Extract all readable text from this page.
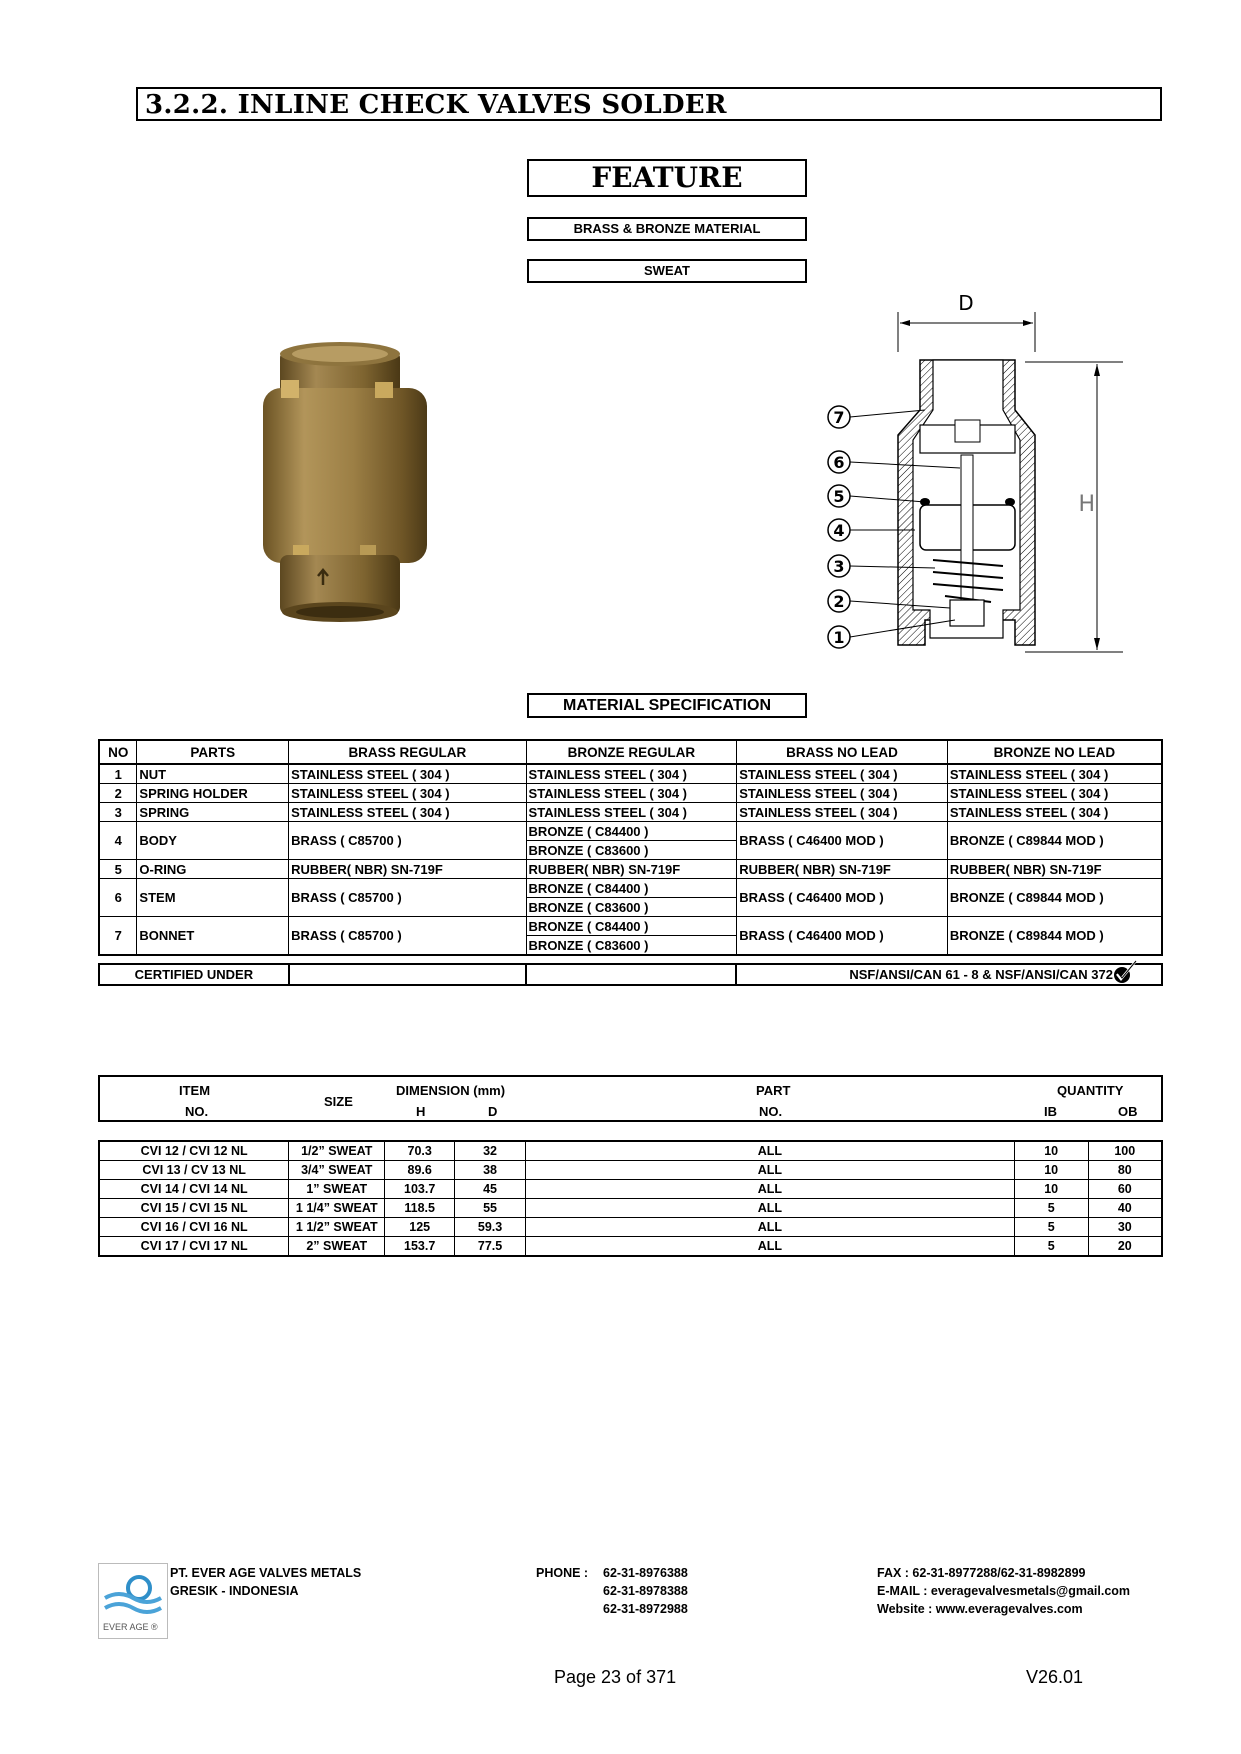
3.2.2. INLINE CHECK VALVES SOLDER
FEATURE
BRASS & BRONZE MATERIAL
SWEAT
D
H
7
6
5
4
3
2
1
MATERIAL SPECIFICATION
NO	PARTS	BRASS REGULAR	BRONZE REGULAR	BRASS NO LEAD	BRONZE NO LEAD
1	NUT	STAINLESS STEEL ( 304 )	STAINLESS STEEL ( 304 )	STAINLESS STEEL ( 304 )	STAINLESS STEEL ( 304 )
2	SPRING HOLDER	STAINLESS STEEL ( 304 )	STAINLESS STEEL ( 304 )	STAINLESS STEEL ( 304 )	STAINLESS STEEL ( 304 )
3	SPRING	STAINLESS STEEL ( 304 )	STAINLESS STEEL ( 304 )	STAINLESS STEEL ( 304 )	STAINLESS STEEL ( 304 )
4	BODY	BRASS ( C85700 )	BRONZE ( C84400 )	BRASS ( C46400 MOD )	BRONZE ( C89844 MOD )
			BRONZE ( C83600 )		
5	O-RING	RUBBER( NBR) SN-719F	RUBBER( NBR) SN-719F	RUBBER( NBR) SN-719F	RUBBER( NBR) SN-719F
6	STEM	BRASS ( C85700 )	BRONZE ( C84400 )	BRASS ( C46400 MOD )	BRONZE ( C89844 MOD )
			BRONZE ( C83600 )		
7	BONNET	BRASS ( C85700 )	BRONZE ( C84400 )	BRASS ( C46400 MOD )	BRONZE ( C89844 MOD )
			BRONZE ( C83600 )		
CERTIFIED UNDER			NSF/ANSI/CAN 61 - 8 & NSF/ANSI/CAN 372
ITEM
NO.
SIZE
DIMENSION (mm)
H	D
PART
NO.
QUANTITY
IB	OB
CVI 12 / CVI 12 NL	1/2” SWEAT	70.3	32	ALL	10	100
CVI 13 / CV 13 NL	3/4” SWEAT	89.6	38	ALL	10	80
CVI 14 / CVI 14 NL	1” SWEAT	103.7	45	ALL	10	60
CVI 15 / CVI 15 NL	1 1/4” SWEAT	118.5	55	ALL	5	40
CVI 16 / CVI 16 NL	1 1/2” SWEAT	125	59.3	ALL	5	30
CVI 17 / CVI 17 NL	2” SWEAT	153.7	77.5	ALL	5	20
EVER AGE ®
PT. EVER AGE VALVES METALS
GRESIK - INDONESIA
PHONE : 62-31-8976388
62-31-8978388
62-31-8972988
FAX : 62-31-8977288/62-31-8982899
E-MAIL : everagevalvesmetals@gmail.com
Website : www.everagevalves.com
Page 23 of 371	V26.01
